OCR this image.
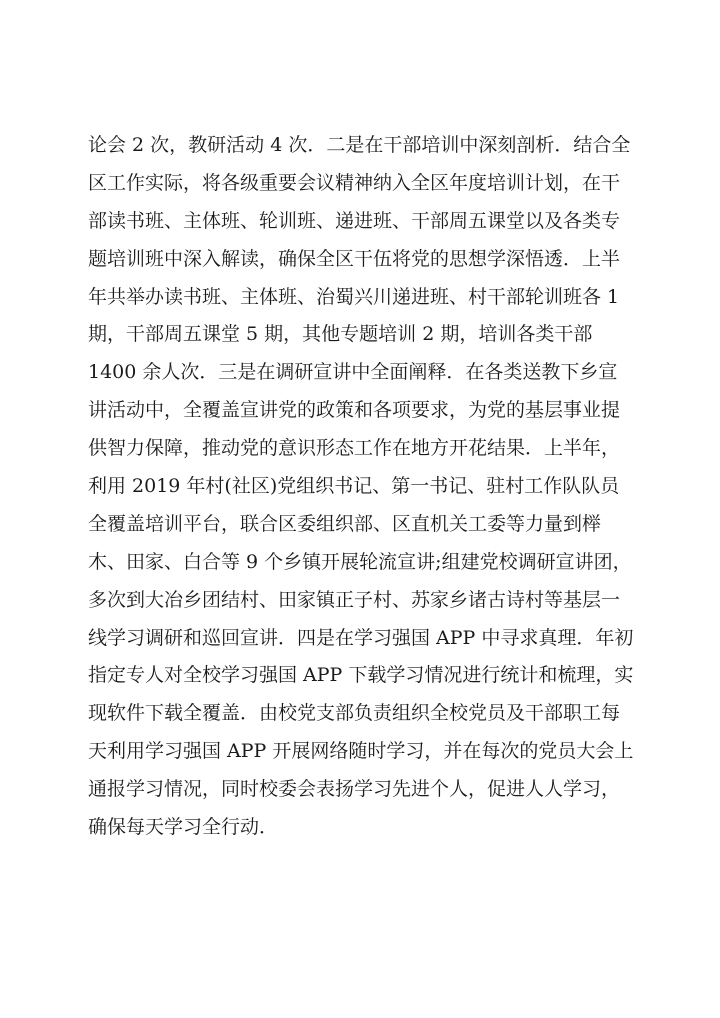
论会 2 次，教研活动 4 次．二是在干部培训中深刻剖析．结合全
区工作实际，将各级重要会议精神纳入全区年度培训计划，在干
部读书班、主体班、轮训班、递进班、干部周五课堂以及各类专
题培训班中深入解读，确保全区干伍将党的思想学深悟透．上半
年共举办读书班、主体班、治蜀兴川递进班、村干部轮训班各 1
期，干部周五课堂 5 期，其他专题培训 2 期，培训各类干部
1400 余人次．三是在调研宣讲中全面阐释．在各类送教下乡宣
讲活动中，全覆盖宣讲党的政策和各项要求，为党的基层事业提
供智力保障，推动党的意识形态工作在地方开花结果．上半年，
利用 2019 年村(社区)党组织书记、第一书记、驻村工作队队员
全覆盖培训平台，联合区委组织部、区直机关工委等力量到榉
木、田家、白合等 9 个乡镇开展轮流宣讲;组建党校调研宣讲团，
多次到大冶乡团结村、田家镇正子村、苏家乡诸古诗村等基层一
线学习调研和巡回宣讲．四是在学习强国 APP 中寻求真理．年初
指定专人对全校学习强国 APP 下载学习情况进行统计和梳理，实
现软件下载全覆盖．由校党支部负责组织全校党员及干部职工每
天利用学习强国 APP 开展网络随时学习，并在每次的党员大会上
通报学习情况，同时校委会表扬学习先进个人，促进人人学习，
确保每天学习全行动．
